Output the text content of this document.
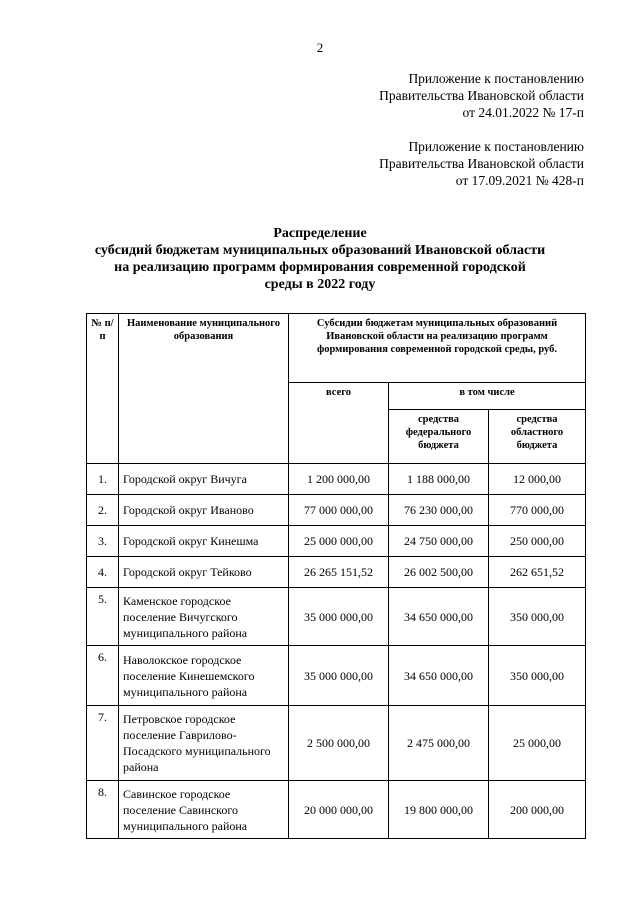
2
Приложение к постановлению
Правительства Ивановской области
от 24.01.2022 № 17-п
Приложение к постановлению
Правительства Ивановской области
от 17.09.2021 № 428-п
Распределение
субсидий бюджетам муниципальных образований Ивановской области
на реализацию программ формирования современной городской
среды в 2022 году
№ п/п	Наименование муниципального образования	Субсидии бюджетам муниципальных образований Ивановской области на реализацию программ формирования современной городской среды, руб.		
		всего	в том числе	
			средства федерального бюджета	средства областного бюджета
1.	Городской округ Вичуга	1 200 000,00	1 188 000,00	12 000,00
2.	Городской округ Иваново	77 000 000,00	76 230 000,00	770 000,00
3.	Городской округ Кинешма	25 000 000,00	24 750 000,00	250 000,00
4.	Городской округ Тейково	26 265 151,52	26 002 500,00	262 651,52
5.	Каменское городское поселение Вичугского муниципального района	35 000 000,00	34 650 000,00	350 000,00
6.	Наволокское городское поселение Кинешемского муниципального района	35 000 000,00	34 650 000,00	350 000,00
7.	Петровское городское поселение Гаврилово-Посадского муниципального района	2 500 000,00	2 475 000,00	25 000,00
8.	Савинское городское поселение Савинского муниципального района	20 000 000,00	19 800 000,00	200 000,00
